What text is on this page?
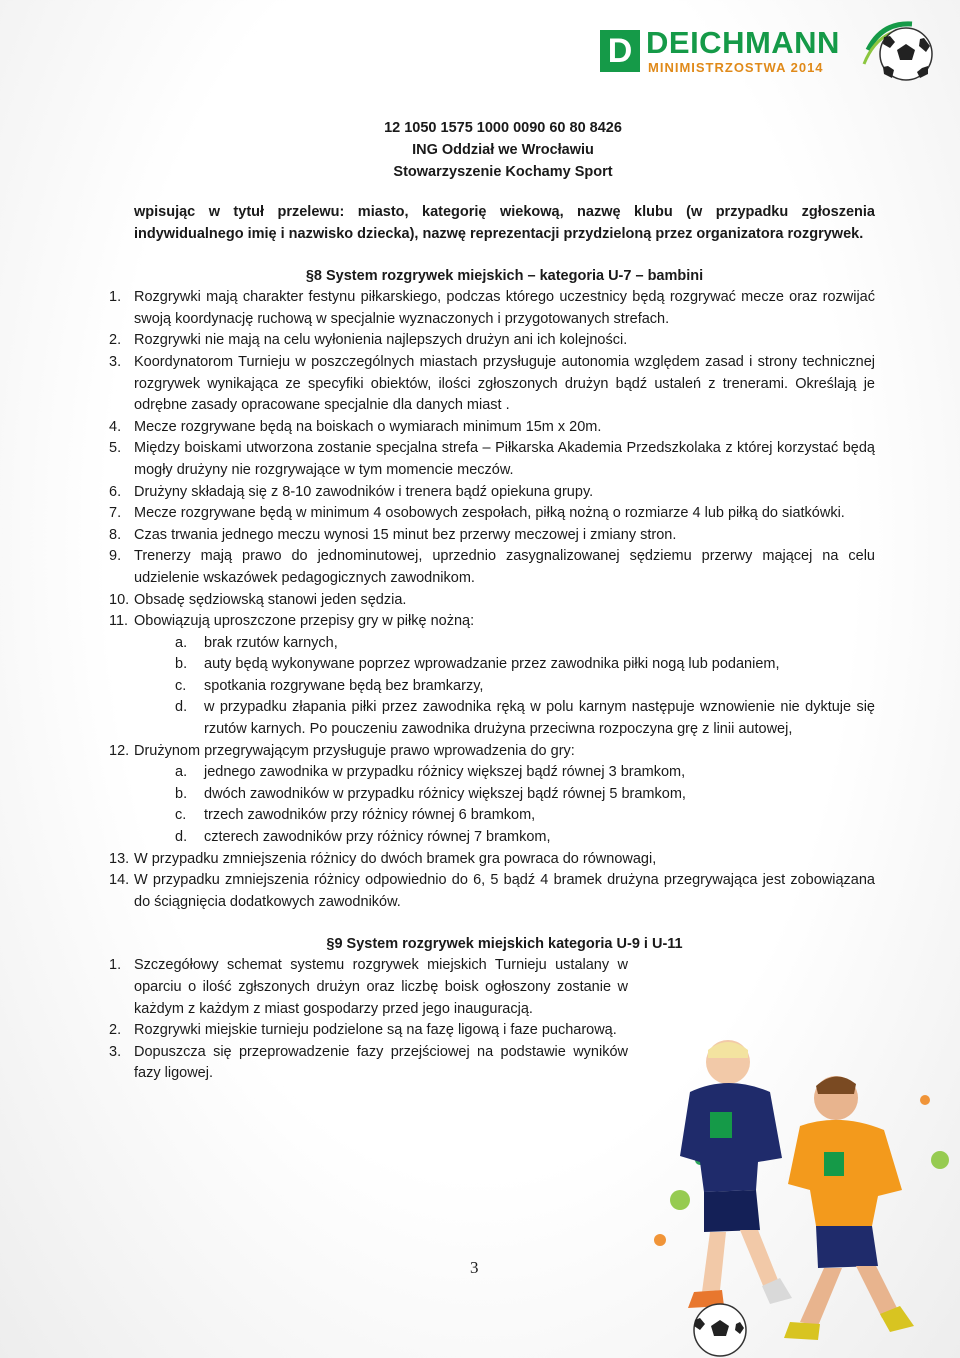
D DEICHMANN
MINIMISTRZOSTWA 2014
12 1050 1575 1000 0090 60 80 8426
ING Oddział we Wrocławiu
Stowarzyszenie Kochamy Sport

wpisując w tytuł przelewu: miasto, kategorię wiekową, nazwę klubu (w przypadku zgłoszenia indywidualnego imię i nazwisko dziecka), nazwę reprezentacji przydzieloną przez organizatora rozgrywek.

§8 System rozgrywek miejskich – kategoria U-7 – bambini
1. Rozgrywki mają charakter festynu piłkarskiego, podczas którego uczestnicy będą rozgrywać mecze oraz rozwijać swoją koordynację ruchową w specjalnie wyznaczonych i przygotowanych strefach.
2. Rozgrywki nie mają na celu wyłonienia najlepszych drużyn ani ich kolejności.
3. Koordynatorom Turnieju w poszczególnych miastach przysługuje autonomia względem zasad i strony technicznej rozgrywek wynikająca ze specyfiki obiektów, ilości zgłoszonych drużyn bądź ustaleń z trenerami. Określają je odrębne zasady opracowane specjalnie dla danych miast .
4. Mecze rozgrywane będą na boiskach o wymiarach minimum 15m x 20m.
5. Między boiskami utworzona zostanie specjalna strefa – Piłkarska Akademia Przedszkolaka z której korzystać będą mogły drużyny nie rozgrywające w tym momencie meczów.
6. Drużyny składają się z 8-10 zawodników i trenera bądź opiekuna grupy.
7. Mecze rozgrywane będą w minimum 4 osobowych zespołach, piłką nożną o rozmiarze 4 lub piłką do siatkówki.
8. Czas trwania jednego meczu wynosi 15 minut bez przerwy meczowej i zmiany stron.
9. Trenerzy mają prawo do jednominutowej, uprzednio zasygnalizowanej sędziemu przerwy mającej na celu udzielenie wskazówek pedagogicznych zawodnikom.
10. Obsadę sędziowską stanowi jeden sędzia.
11. Obowiązują uproszczone przepisy gry w piłkę nożną:
a.	brak rzutów karnych,
b.	auty będą wykonywane poprzez wprowadzanie przez zawodnika piłki nogą lub podaniem,
c.	spotkania rozgrywane będą bez bramkarzy,
d.	w przypadku złapania piłki przez zawodnika ręką w polu karnym następuje wznowienie nie dyktuje się rzutów karnych. Po pouczeniu zawodnika drużyna przeciwna rozpoczyna grę z linii autowej,
12. Drużynom przegrywającym przysługuje prawo wprowadzenia do gry:
a.	jednego zawodnika w przypadku różnicy większej bądź równej 3 bramkom,
b.	dwóch zawodników w przypadku różnicy większej bądź równej 5 bramkom,
c.	trzech zawodników przy różnicy równej 6 bramkom,
d.	czterech zawodników przy różnicy równej 7 bramkom,
13. W przypadku zmniejszenia różnicy do dwóch bramek gra powraca do równowagi,
14. W przypadku zmniejszenia różnicy odpowiednio do 6, 5 bądź 4 bramek drużyna przegrywająca jest zobowiązana do ściągnięcia dodatkowych zawodników.
§9 System rozgrywek miejskich kategoria U-9 i U-11
1. Szczegółowy schemat systemu rozgrywek miejskich Turnieju ustalany w oparciu o ilość zgłszonych drużyn oraz liczbę boisk ogłoszony zostanie w każdym z każdym z miast gospodarzy przed jego inauguracją.
2. Rozgrywki miejskie turnieju podzielone są na fazę ligową i faze pucharową.
3. Dopuszcza się przeprowadzenie fazy przejściowej na podstawie wyników fazy ligowej.
3
